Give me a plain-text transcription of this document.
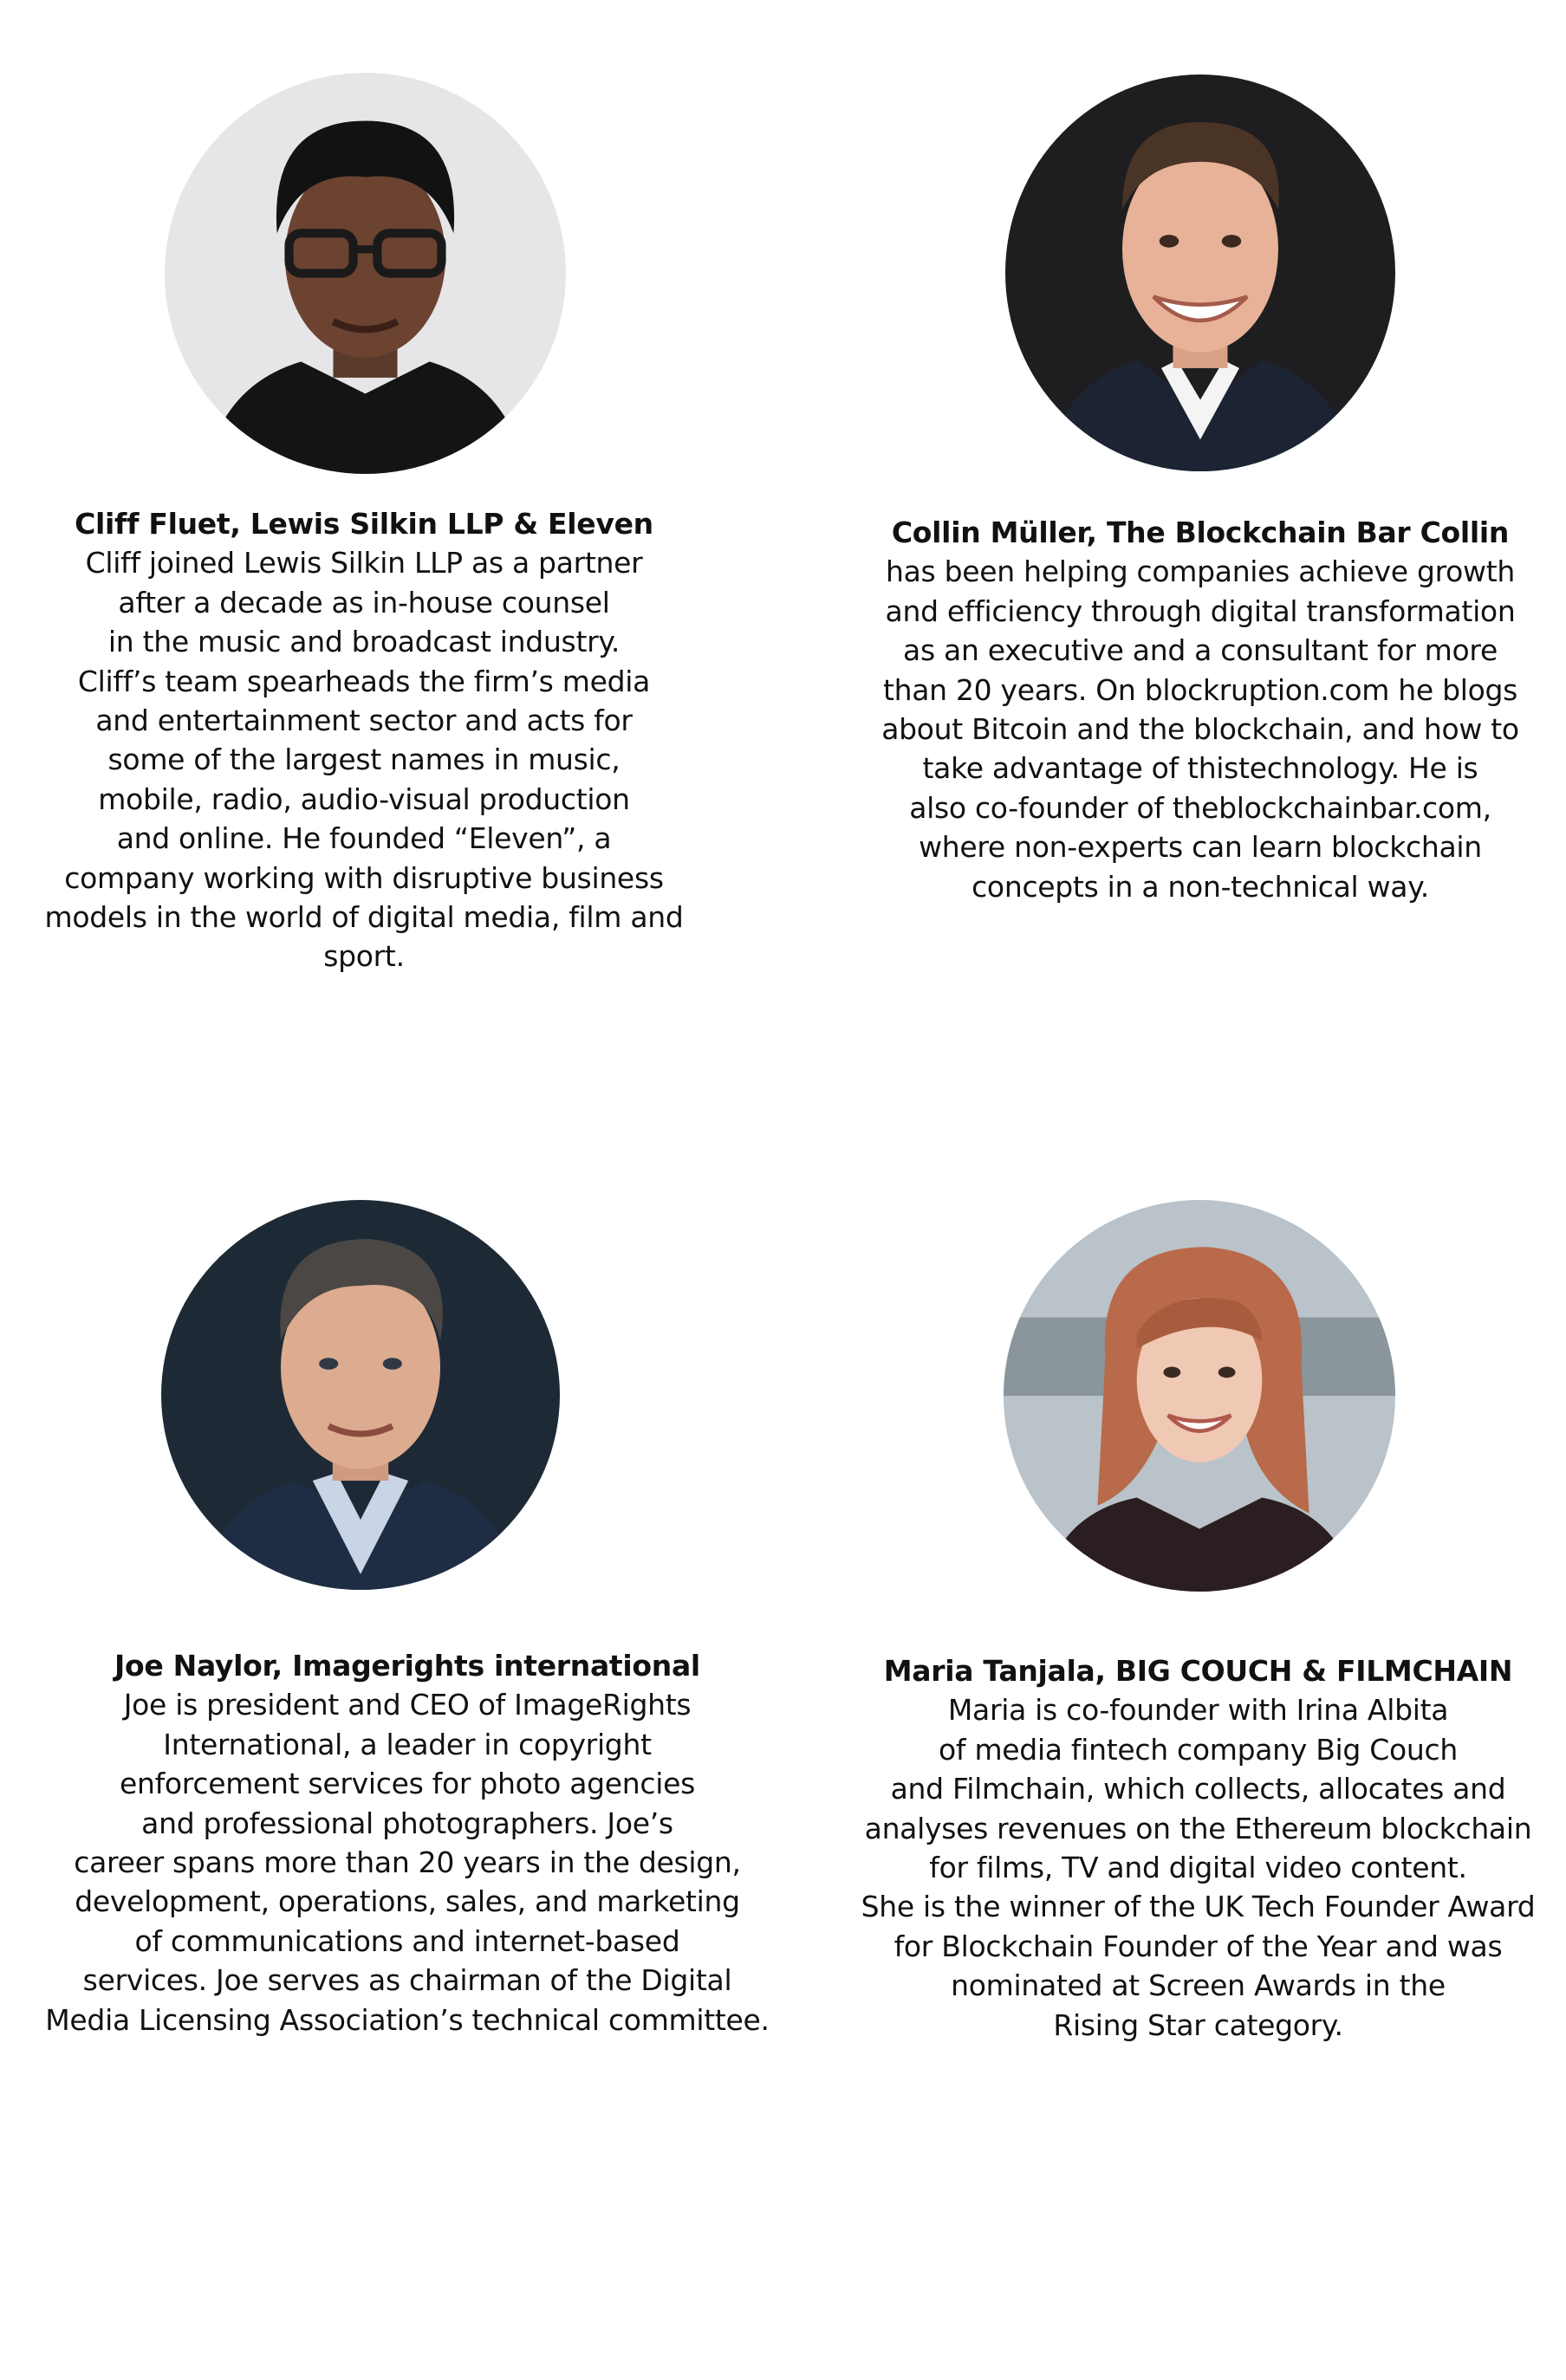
Cliff Fluet, Lewis Silkin LLP & Eleven
Cliff joined Lewis Silkin LLP as a partner
after a decade as in-house counsel
in the music and broadcast industry.
Cliff’s team spearheads the firm’s media
and entertainment sector and acts for
some of the largest names in music,
mobile, radio, audio-visual production
and online. He founded “Eleven”, a
company working with disruptive business
models in the world of digital media, film and
sport.
Collin Müller, The Blockchain Bar Collin
has been helping companies achieve growth
and efficiency through digital transformation
as an executive and a consultant for more
than 20 years. On blockruption.com he blogs
about Bitcoin and the blockchain, and how to
take advantage of thistechnology. He is
also co-founder of theblockchainbar.com,
where non-experts can learn blockchain
concepts in a non-technical way.
Joe Naylor, Imagerights international
Joe is president and CEO of ImageRights
International, a leader in copyright
enforcement services for photo agencies
and professional photographers. Joe’s
career spans more than 20 years in the design,
development, operations, sales, and marketing
of communications and internet-based
services. Joe serves as chairman of the Digital
Media Licensing Association’s technical committee.
Maria Tanjala, BIG COUCH & FILMCHAIN
Maria is co-founder with Irina Albita
of media fintech company Big Couch
and Filmchain, which collects, allocates and
analyses revenues on the Ethereum blockchain
for films, TV and digital video content.
She is the winner of the UK Tech Founder Award
for Blockchain Founder of the Year and was
nominated at Screen Awards in the
Rising Star category.
